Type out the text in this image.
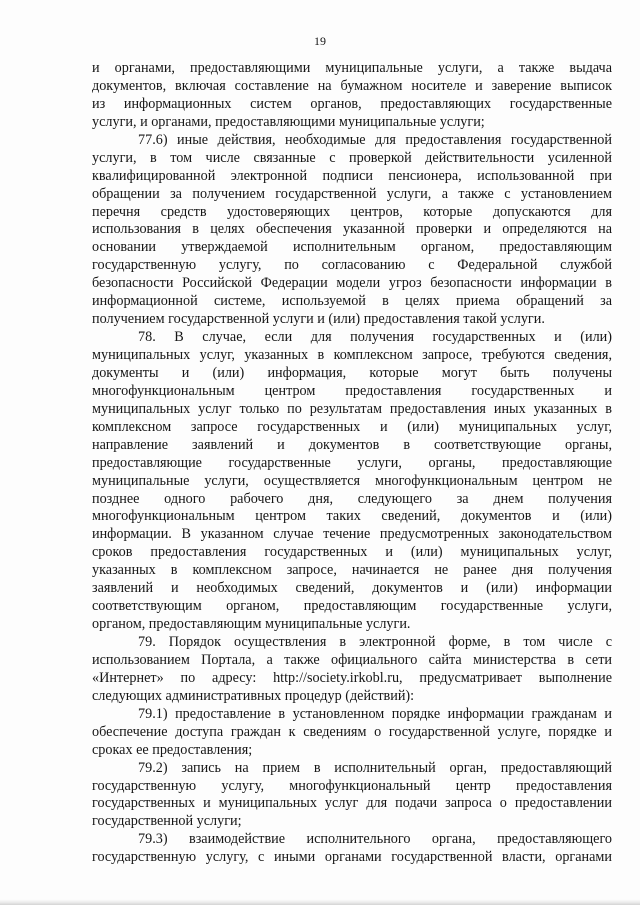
19
и органами, предоставляющими муниципальные услуги, а также выдача
документов, включая составление на бумажном носителе и заверение выписок
из информационных систем органов, предоставляющих государственные
услуги, и органами, предоставляющими муниципальные услуги;
77.6) иные действия, необходимые для предоставления государственной
услуги, в том числе связанные с проверкой действительности усиленной
квалифицированной электронной подписи пенсионера, использованной при
обращении за получением государственной услуги, а также с установлением
перечня средств удостоверяющих центров, которые допускаются для
использования в целях обеспечения указанной проверки и определяются на
основании утверждаемой исполнительным органом, предоставляющим
государственную услугу, по согласованию с Федеральной службой
безопасности Российской Федерации модели угроз безопасности информации в
информационной системе, используемой в целях приема обращений за
получением государственной услуги и (или) предоставления такой услуги.
78. В случае, если для получения государственных и (или)
муниципальных услуг, указанных в комплексном запросе, требуются сведения,
документы и (или) информация, которые могут быть получены
многофункциональным центром предоставления государственных и
муниципальных услуг только по результатам предоставления иных указанных в
комплексном запросе государственных и (или) муниципальных услуг,
направление заявлений и документов в соответствующие органы,
предоставляющие государственные услуги, органы, предоставляющие
муниципальные услуги, осуществляется многофункциональным центром не
позднее одного рабочего дня, следующего за днем получения
многофункциональным центром таких сведений, документов и (или)
информации. В указанном случае течение предусмотренных законодательством
сроков предоставления государственных и (или) муниципальных услуг,
указанных в комплексном запросе, начинается не ранее дня получения
заявлений и необходимых сведений, документов и (или) информации
соответствующим органом, предоставляющим государственные услуги,
органом, предоставляющим муниципальные услуги.
79. Порядок осуществления в электронной форме, в том числе с
использованием Портала, а также официального сайта министерства в сети
«Интернет» по адресу: http://society.irkobl.ru, предусматривает выполнение
следующих административных процедур (действий):
79.1) предоставление в установленном порядке информации гражданам и
обеспечение доступа граждан к сведениям о государственной услуге, порядке и
сроках ее предоставления;
79.2) запись на прием в исполнительный орган, предоставляющий
государственную услугу, многофункциональный центр предоставления
государственных и муниципальных услуг для подачи запроса о предоставлении
государственной услуги;
79.3) взаимодействие исполнительного органа, предоставляющего
государственную услугу, с иными органами государственной власти, органами
